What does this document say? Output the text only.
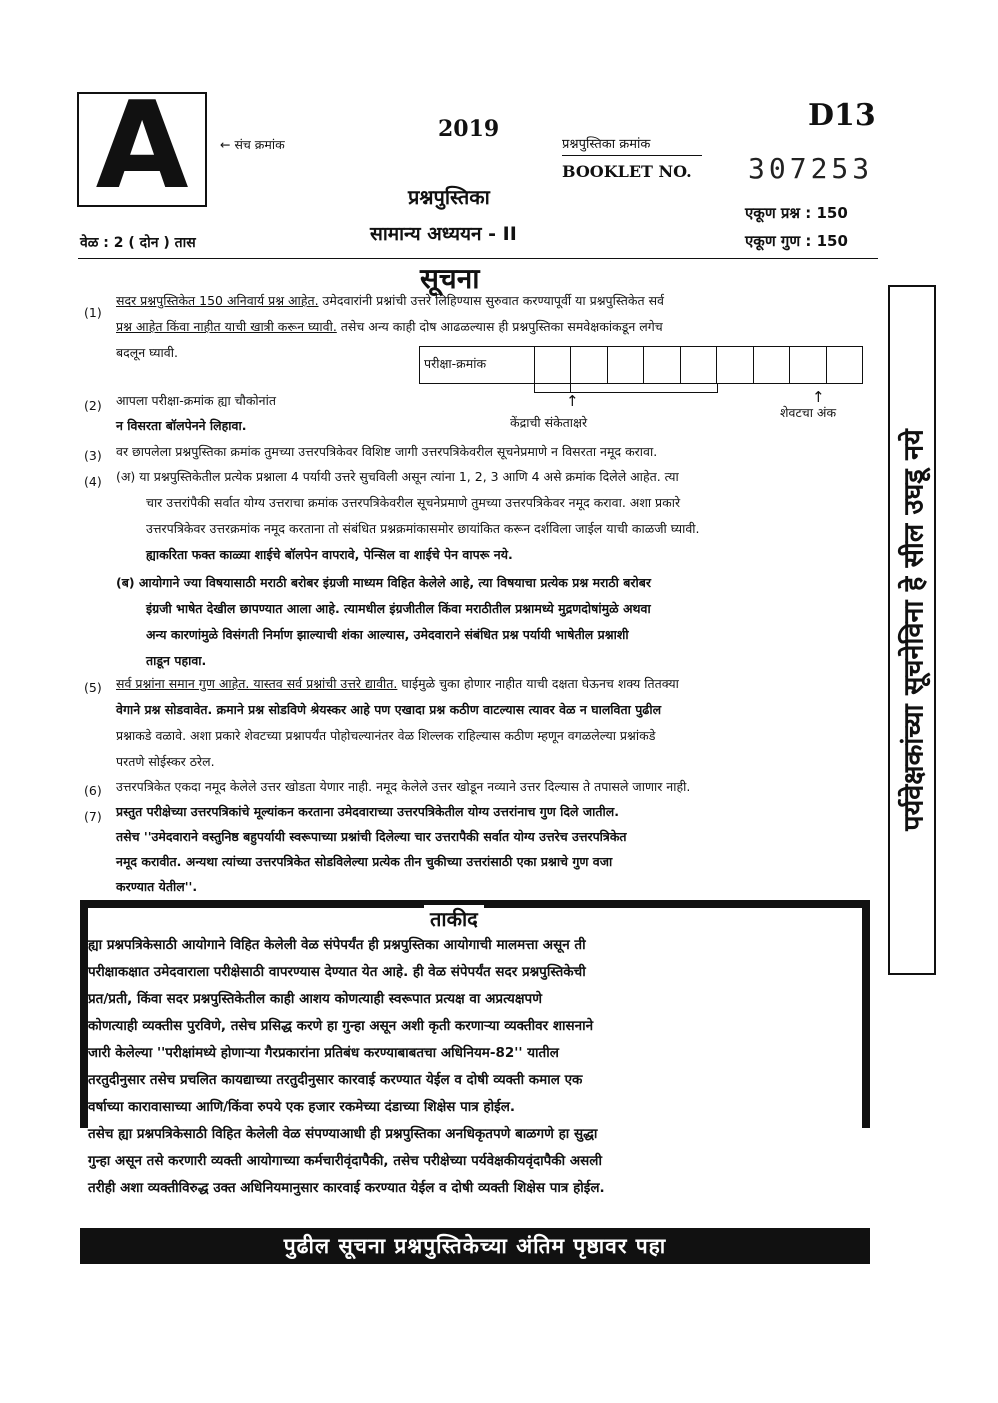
A	← संच क्रमांक
2019
प्रश्नपुस्तिका क्रमांक
BOOKLET NO. 307253
D13
प्रश्नपुस्तिका
सामान्य अध्ययन - II
एकूण प्रश्न : 150
एकूण गुण : 150
वेळ : 2 ( दोन ) तास
सूचना
पर्यवेक्षकांच्या सूचनेविना हे सील उघडू नये
(1)
सदर प्रश्नपुस्तिकेत 150 अनिवार्य प्रश्न आहेत. उमेदवारांनी प्रश्नांची उत्तरे लिहिण्यास सुरुवात करण्यापूर्वी या प्रश्नपुस्तिकेत सर्व
प्रश्न आहेत किंवा नाहीत याची खात्री करून घ्यावी. तसेच अन्य काही दोष आढळल्यास ही प्रश्नपुस्तिका समवेक्षकांकडून लगेच
बदलून घ्यावी.
परीक्षा-क्रमांक
↑
केंद्राची संकेताक्षरे
↑
शेवटचा अंक
(2) आपला परीक्षा-क्रमांक ह्या चौकोनांत
न विसरता बॉलपेनने लिहावा.
(3) वर छापलेला प्रश्नपुस्तिका क्रमांक तुमच्या उत्तरपत्रिकेवर विशिष्ट जागी उत्तरपत्रिकेवरील सूचनेप्रमाणे न विसरता नमूद करावा.
(4) (अ) या प्रश्नपुस्तिकेतील प्रत्येक प्रश्नाला 4 पर्यायी उत्तरे सुचविली असून त्यांना 1, 2, 3 आणि 4 असे क्रमांक दिलेले आहेत. त्या
चार उत्तरांपैकी सर्वात योग्य उत्तराचा क्रमांक उत्तरपत्रिकेवरील सूचनेप्रमाणे तुमच्या उत्तरपत्रिकेवर नमूद करावा. अशा प्रकारे
उत्तरपत्रिकेवर उत्तरक्रमांक नमूद करताना तो संबंधित प्रश्नक्रमांकासमोर छायांकित करून दर्शविला जाईल याची काळजी घ्यावी.
ह्याकरिता फक्त काळ्या शाईचे बॉलपेन वापरावे, पेन्सिल वा शाईचे पेन वापरू नये.
(ब) आयोगाने ज्या विषयासाठी मराठी बरोबर इंग्रजी माध्यम विहित केलेले आहे, त्या विषयाचा प्रत्येक प्रश्न मराठी बरोबर
इंग्रजी भाषेत देखील छापण्यात आला आहे. त्यामधील इंग्रजीतील किंवा मराठीतील प्रश्नामध्ये मुद्रणदोषांमुळे अथवा
अन्य कारणांमुळे विसंगती निर्माण झाल्याची शंका आल्यास, उमेदवाराने संबंधित प्रश्न पर्यायी भाषेतील प्रश्नाशी
ताडून पहावा.
(5) सर्व प्रश्नांना समान गुण आहेत. यास्तव सर्व प्रश्नांची उत्तरे द्यावीत. घाईमुळे चुका होणार नाहीत याची दक्षता घेऊनच शक्य तितक्या
वेगाने प्रश्न सोडवावेत. क्रमाने प्रश्न सोडविणे श्रेयस्कर आहे पण एखादा प्रश्न कठीण वाटल्यास त्यावर वेळ न घालविता पुढील
प्रश्नाकडे वळावे. अशा प्रकारे शेवटच्या प्रश्नापर्यंत पोहोचल्यानंतर वेळ शिल्लक राहिल्यास कठीण म्हणून वगळलेल्या प्रश्नांकडे
परतणे सोईस्कर ठरेल.
(6) उत्तरपत्रिकेत एकदा नमूद केलेले उत्तर खोडता येणार नाही. नमूद केलेले उत्तर खोडून नव्याने उत्तर दिल्यास ते तपासले जाणार नाही.
(7) प्रस्तुत परीक्षेच्या उत्तरपत्रिकांचे मूल्यांकन करताना उमेदवाराच्या उत्तरपत्रिकेतील योग्य उत्तरांनाच गुण दिले जातील.
तसेच ''उमेदवाराने वस्तुनिष्ठ बहुपर्यायी स्वरूपाच्या प्रश्नांची दिलेल्या चार उत्तरापैकी सर्वात योग्य उत्तरेच उत्तरपत्रिकेत
नमूद करावीत. अन्यथा त्यांच्या उत्तरपत्रिकेत सोडविलेल्या प्रत्येक तीन चुकीच्या उत्तरांसाठी एका प्रश्नाचे गुण वजा
करण्यात येतील''.
ताकीद
ह्या प्रश्नपत्रिकेसाठी आयोगाने विहित केलेली वेळ संपेपर्यंत ही प्रश्नपुस्तिका आयोगाची मालमत्ता असून ती
परीक्षाकक्षात उमेदवाराला परीक्षेसाठी वापरण्यास देण्यात येत आहे. ही वेळ संपेपर्यंत सदर प्रश्नपुस्तिकेची
प्रत/प्रती, किंवा सदर प्रश्नपुस्तिकेतील काही आशय कोणत्याही स्वरूपात प्रत्यक्ष वा अप्रत्यक्षपणे
कोणत्याही व्यक्तीस पुरविणे, तसेच प्रसिद्ध करणे हा गुन्हा असून अशी कृती करणाऱ्या व्यक्तीवर शासनाने
जारी केलेल्या ''परीक्षांमध्ये होणाऱ्या गैरप्रकारांना प्रतिबंध करण्याबाबतचा अधिनियम-82'' यातील
तरतुदीनुसार तसेच प्रचलित कायद्याच्या तरतुदीनुसार कारवाई करण्यात येईल व दोषी व्यक्ती कमाल एक
वर्षाच्या कारावासाच्या आणि/किंवा रुपये एक हजार रकमेच्या दंडाच्या शिक्षेस पात्र होईल.
तसेच ह्या प्रश्नपत्रिकेसाठी विहित केलेली वेळ संपण्याआधी ही प्रश्नपुस्तिका अनधिकृतपणे बाळगणे हा सुद्धा
गुन्हा असून तसे करणारी व्यक्ती आयोगाच्या कर्मचारीवृंदापैकी, तसेच परीक्षेच्या पर्यवेक्षकीयवृंदापैकी असली
तरीही अशा व्यक्तीविरुद्ध उक्त अधिनियमानुसार कारवाई करण्यात येईल व दोषी व्यक्ती शिक्षेस पात्र होईल.
पुढील सूचना प्रश्नपुस्तिकेच्या अंतिम पृष्ठावर पहा
